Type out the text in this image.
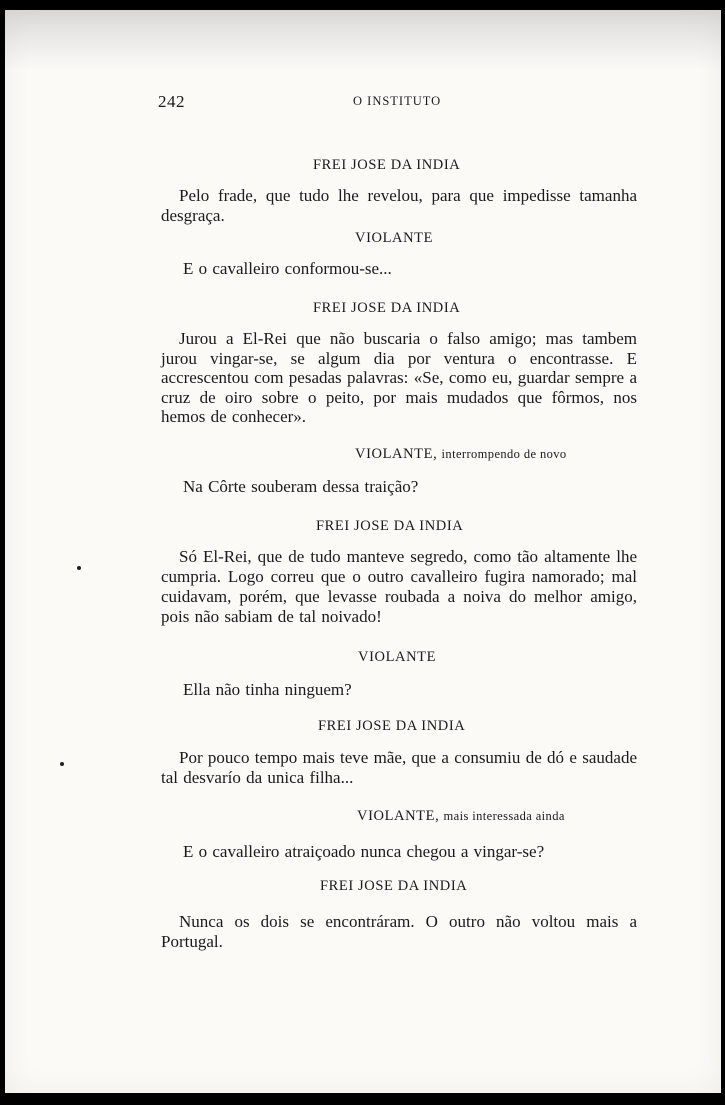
242	O INSTITUTO
FREI JOSE DA INDIA
Pelo frade, que tudo lhe revelou, para que impedisse tamanha desgraça.
VIOLANTE
E o cavalleiro conformou-se...
FREI JOSE DA INDIA
Jurou a El-Rei que não buscaria o falso amigo; mas tambem jurou vingar-se, se algum dia por ventura o encontrasse. E accrescentou com pesadas palavras: «Se, como eu, guardar sempre a cruz de oiro sobre o peito, por mais mudados que fôrmos, nos hemos de conhecer».
VIOLANTE, interrompendo de novo
Na Côrte souberam dessa traição?
FREI JOSE DA INDIA
Só El-Rei, que de tudo manteve segredo, como tão altamente lhe cumpria. Logo correu que o outro cavalleiro fugira namorado; mal cuidavam, porém, que levasse roubada a noiva do melhor amigo, pois não sabiam de tal noivado!
VIOLANTE
Ella não tinha ninguem?
FREI JOSE DA INDIA
Por pouco tempo mais teve mãe, que a consumiu de dó e saudade tal desvarío da unica filha...
VIOLANTE, mais interessada ainda
E o cavalleiro atraiçoado nunca chegou a vingar-se?
FREI JOSE DA INDIA
Nunca os dois se encontráram. O outro não voltou mais a Portugal.
